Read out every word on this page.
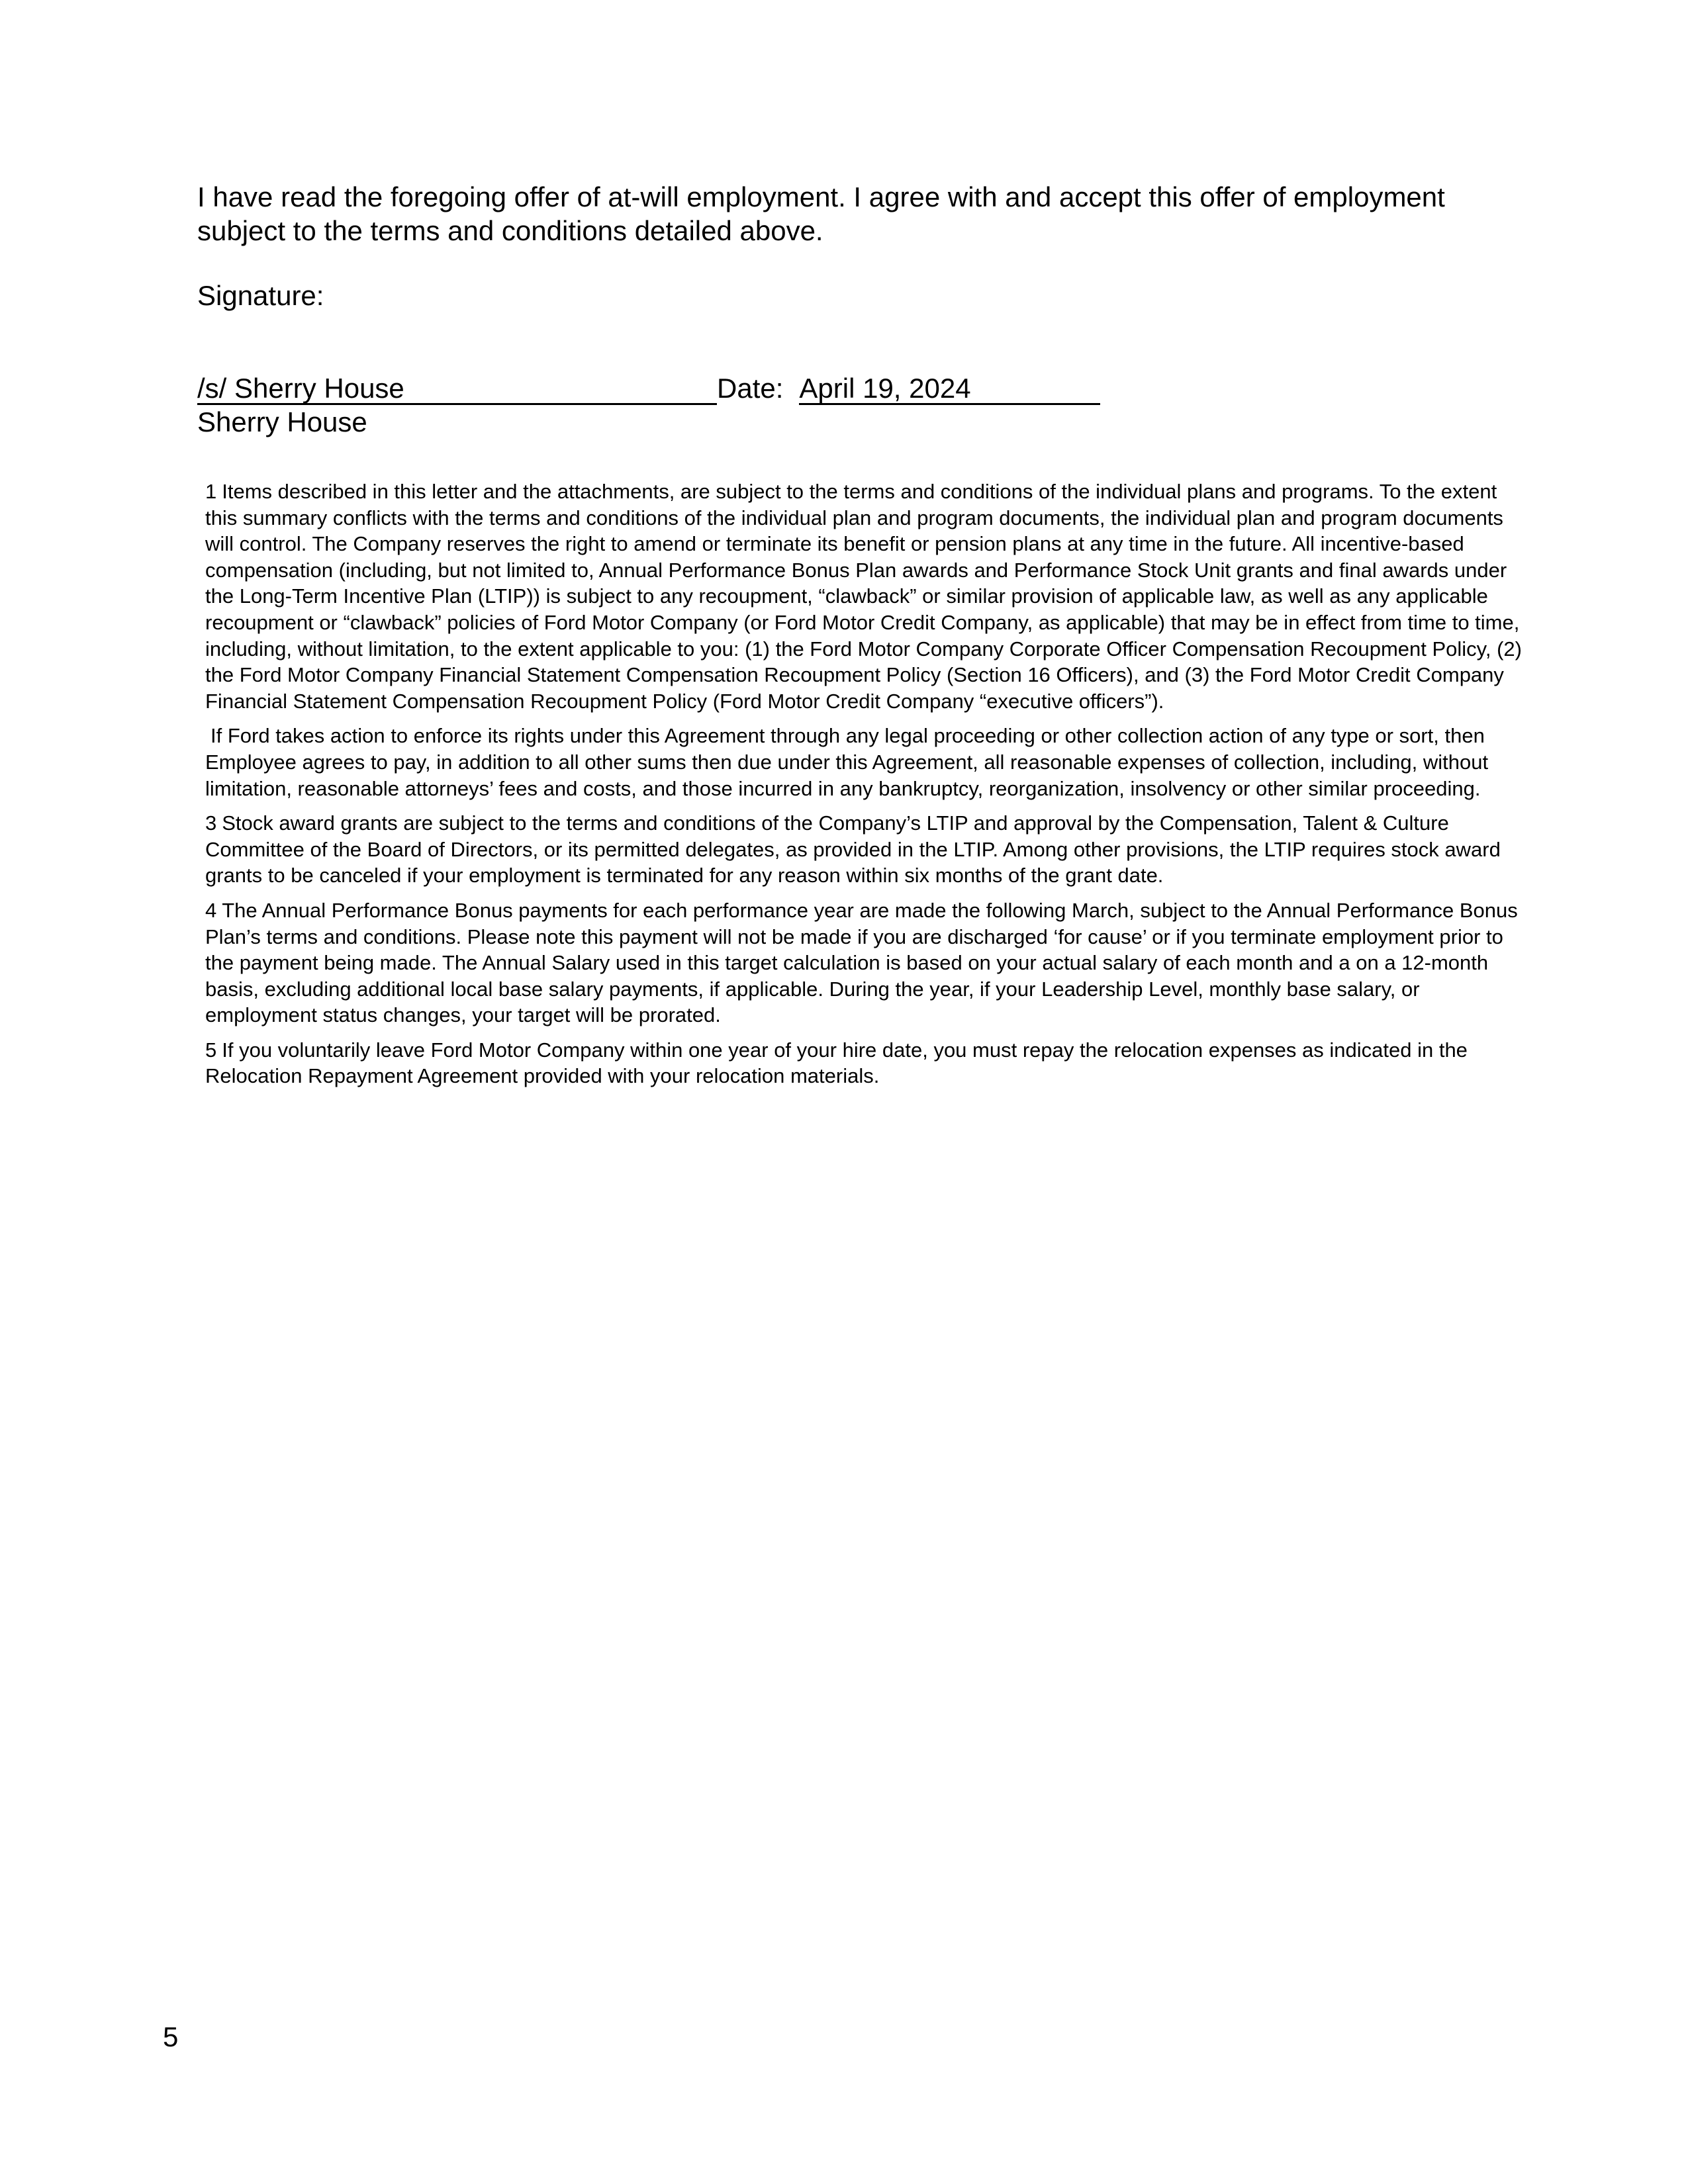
I have read the foregoing offer of at-will employment. I agree with and accept this offer of employment subject to the terms and conditions detailed above.

Signature:
/s/ Sherry House	Date: April 19, 2024
Sherry House

1 Items described in this letter and the attachments, are subject to the terms and conditions of the individual plans and programs. To the extent this summary conflicts with the terms and conditions of the individual plan and program documents, the individual plan and program documents will control. The Company reserves the right to amend or terminate its benefit or pension plans at any time in the future. All incentive-based compensation (including, but not limited to, Annual Performance Bonus Plan awards and Performance Stock Unit grants and final awards under the Long-Term Incentive Plan (LTIP)) is subject to any recoupment, “clawback” or similar provision of applicable law, as well as any applicable recoupment or “clawback” policies of Ford Motor Company (or Ford Motor Credit Company, as applicable) that may be in effect from time to time, including, without limitation, to the extent applicable to you: (1) the Ford Motor Company Corporate Officer Compensation Recoupment Policy, (2) the Ford Motor Company Financial Statement Compensation Recoupment Policy (Section 16 Officers), and (3) the Ford Motor Credit Company Financial Statement Compensation Recoupment Policy (Ford Motor Credit Company “executive officers”).

If Ford takes action to enforce its rights under this Agreement through any legal proceeding or other collection action of any type or sort, then Employee agrees to pay, in addition to all other sums then due under this Agreement, all reasonable expenses of collection, including, without limitation, reasonable attorneys’ fees and costs, and those incurred in any bankruptcy, reorganization, insolvency or other similar proceeding.

3 Stock award grants are subject to the terms and conditions of the Company’s LTIP and approval by the Compensation, Talent & Culture Committee of the Board of Directors, or its permitted delegates, as provided in the LTIP. Among other provisions, the LTIP requires stock award grants to be canceled if your employment is terminated for any reason within six months of the grant date.

4 The Annual Performance Bonus payments for each performance year are made the following March, subject to the Annual Performance Bonus Plan’s terms and conditions. Please note this payment will not be made if you are discharged ‘for cause’ or if you terminate employment prior to the payment being made. The Annual Salary used in this target calculation is based on your actual salary of each month and a on a 12-month basis, excluding additional local base salary payments, if applicable. During the year, if your Leadership Level, monthly base salary, or employment status changes, your target will be prorated.

5 If you voluntarily leave Ford Motor Company within one year of your hire date, you must repay the relocation expenses as indicated in the Relocation Repayment Agreement provided with your relocation materials.

5
